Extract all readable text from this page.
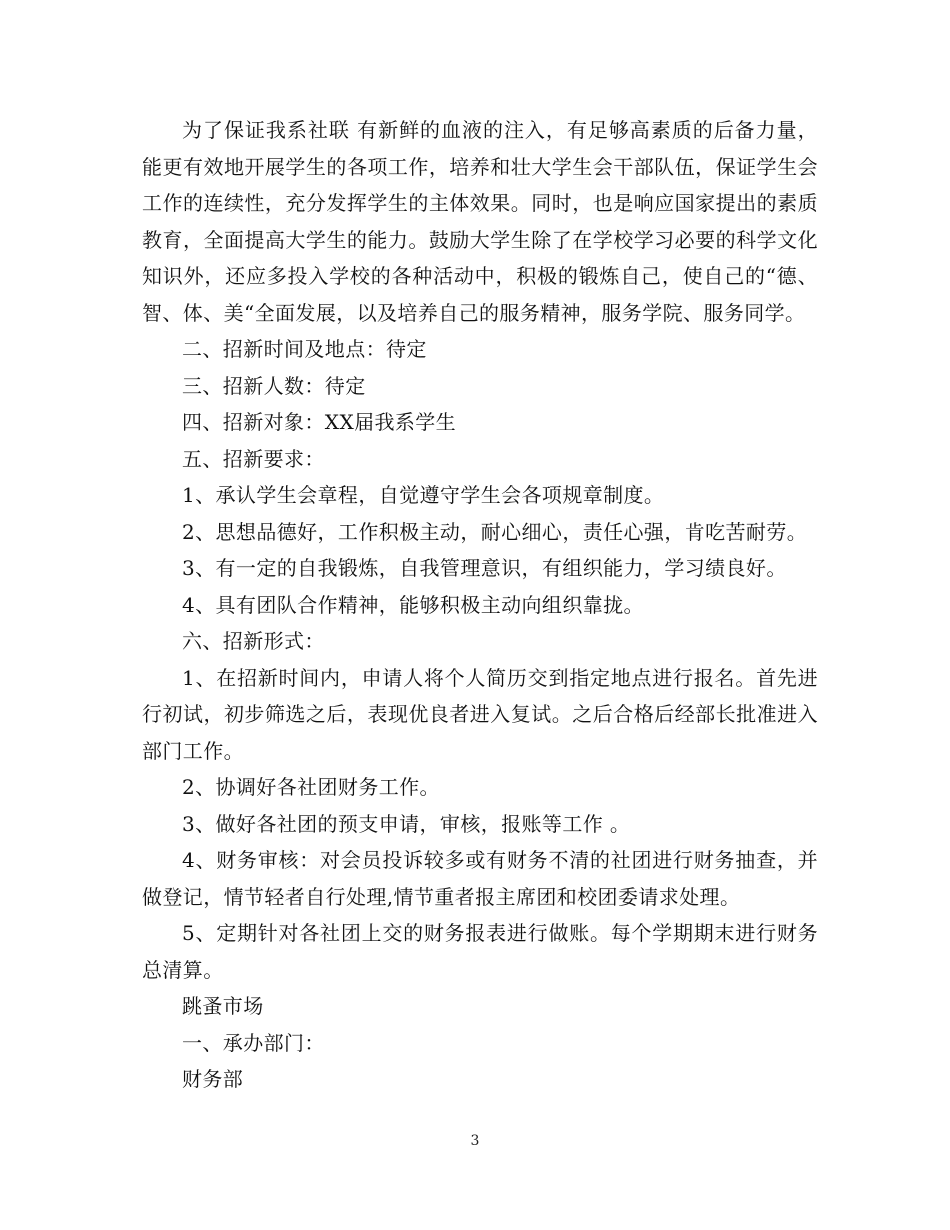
为了保证我系社联 有新鲜的血液的注入，有足够高素质的后备力量，能更有效地开展学生的各项工作，培养和壮大学生会干部队伍，保证学生会工作的连续性，充分发挥学生的主体效果。同时，也是响应国家提出的素质教育，全面提高大学生的能力。鼓励大学生除了在学校学习必要的科学文化知识外，还应多投入学校的各种活动中，积极的锻炼自己，使自己的“德、智、体、美“全面发展，以及培养自己的服务精神，服务学院、服务同学。

二、招新时间及地点：待定

三、招新人数：待定

四、招新对象：XX届我系学生

五、招新要求：

1、承认学生会章程，自觉遵守学生会各项规章制度。

2、思想品德好，工作积极主动，耐心细心，责任心强，肯吃苦耐劳。

3、有一定的自我锻炼，自我管理意识，有组织能力，学习绩良好。

4、具有团队合作精神，能够积极主动向组织靠拢。

六、招新形式：

1、在招新时间内，申请人将个人简历交到指定地点进行报名。首先进行初试，初步筛选之后，表现优良者进入复试。之后合格后经部长批准进入部门工作。

2、协调好各社团财务工作。

3、做好各社团的预支申请，审核，报账等工作 。

4、财务审核：对会员投诉较多或有财务不清的社团进行财务抽查，并做登记，情节轻者自行处理,情节重者报主席团和校团委请求处理。

5、定期针对各社团上交的财务报表进行做账。每个学期期末进行财务总清算。

跳蚤市场

一、承办部门：

财务部

3
